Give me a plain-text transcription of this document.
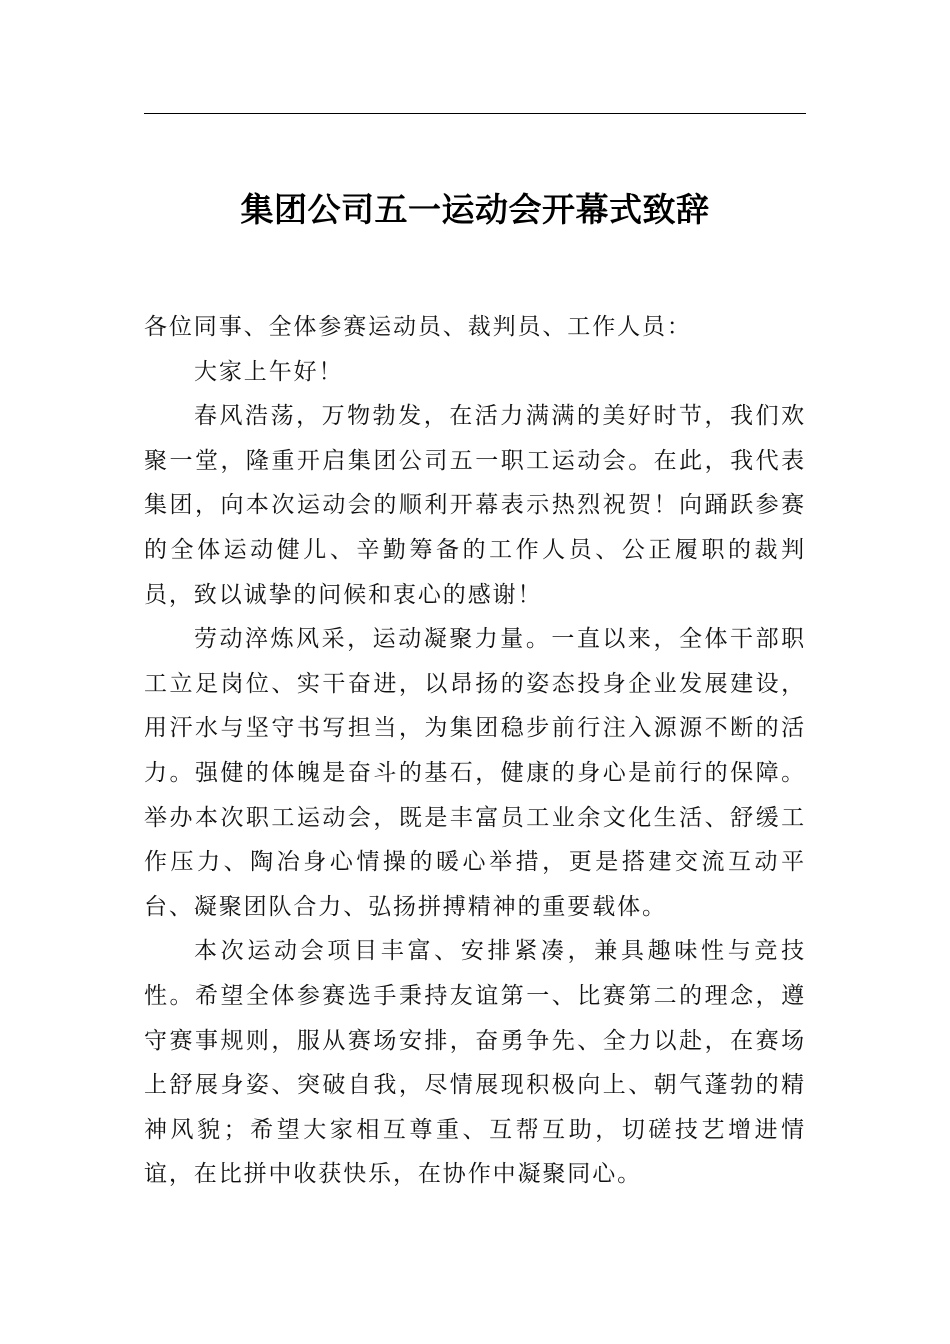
集团公司五一运动会开幕式致辞

各位同事、全体参赛运动员、裁判员、工作人员：

大家上午好！

春风浩荡，万物勃发，在活力满满的美好时节，我们欢聚一堂，隆重开启集团公司五一职工运动会。在此，我代表集团，向本次运动会的顺利开幕表示热烈祝贺！向踊跃参赛的全体运动健儿、辛勤筹备的工作人员、公正履职的裁判员，致以诚挚的问候和衷心的感谢！

劳动淬炼风采，运动凝聚力量。一直以来，全体干部职工立足岗位、实干奋进，以昂扬的姿态投身企业发展建设，用汗水与坚守书写担当，为集团稳步前行注入源源不断的活力。强健的体魄是奋斗的基石，健康的身心是前行的保障。举办本次职工运动会，既是丰富员工业余文化生活、舒缓工作压力、陶冶身心情操的暖心举措，更是搭建交流互动平台、凝聚团队合力、弘扬拼搏精神的重要载体。

本次运动会项目丰富、安排紧凑，兼具趣味性与竞技性。希望全体参赛选手秉持友谊第一、比赛第二的理念，遵守赛事规则，服从赛场安排，奋勇争先、全力以赴，在赛场上舒展身姿、突破自我，尽情展现积极向上、朝气蓬勃的精神风貌；希望大家相互尊重、互帮互助，切磋技艺增进情谊，在比拼中收获快乐，在协作中凝聚同心。
